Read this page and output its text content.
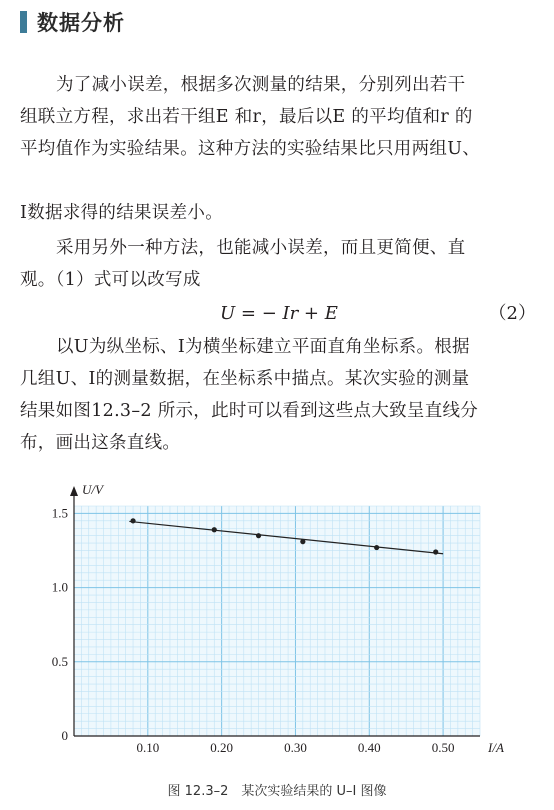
数据分析
为了减小误差，根据多次测量的结果，分别列出若干
组联立方程，求出若干组E 和r，最后以E 的平均值和r 的
平均值作为实验结果。这种方法的实验结果比只用两组U、
I数据求得的结果误差小。
采用另外一种方法，也能减小误差，而且更简便、直
观。（1）式可以改写成
U = − Ir + E	（2）
以U为纵坐标、I为横坐标建立平面直角坐标系。根据
几组U、I的测量数据，在坐标系中描点。某次实验的测量
结果如图12.3–2 所示，此时可以看到这些点大致呈直线分
布，画出这条直线。
0.10	0.20	0.30	0.40	0.50
0
0.5
1.0
1.5
U/V
I/A
图 12.3–2　某次实验结果的 U–I 图像
